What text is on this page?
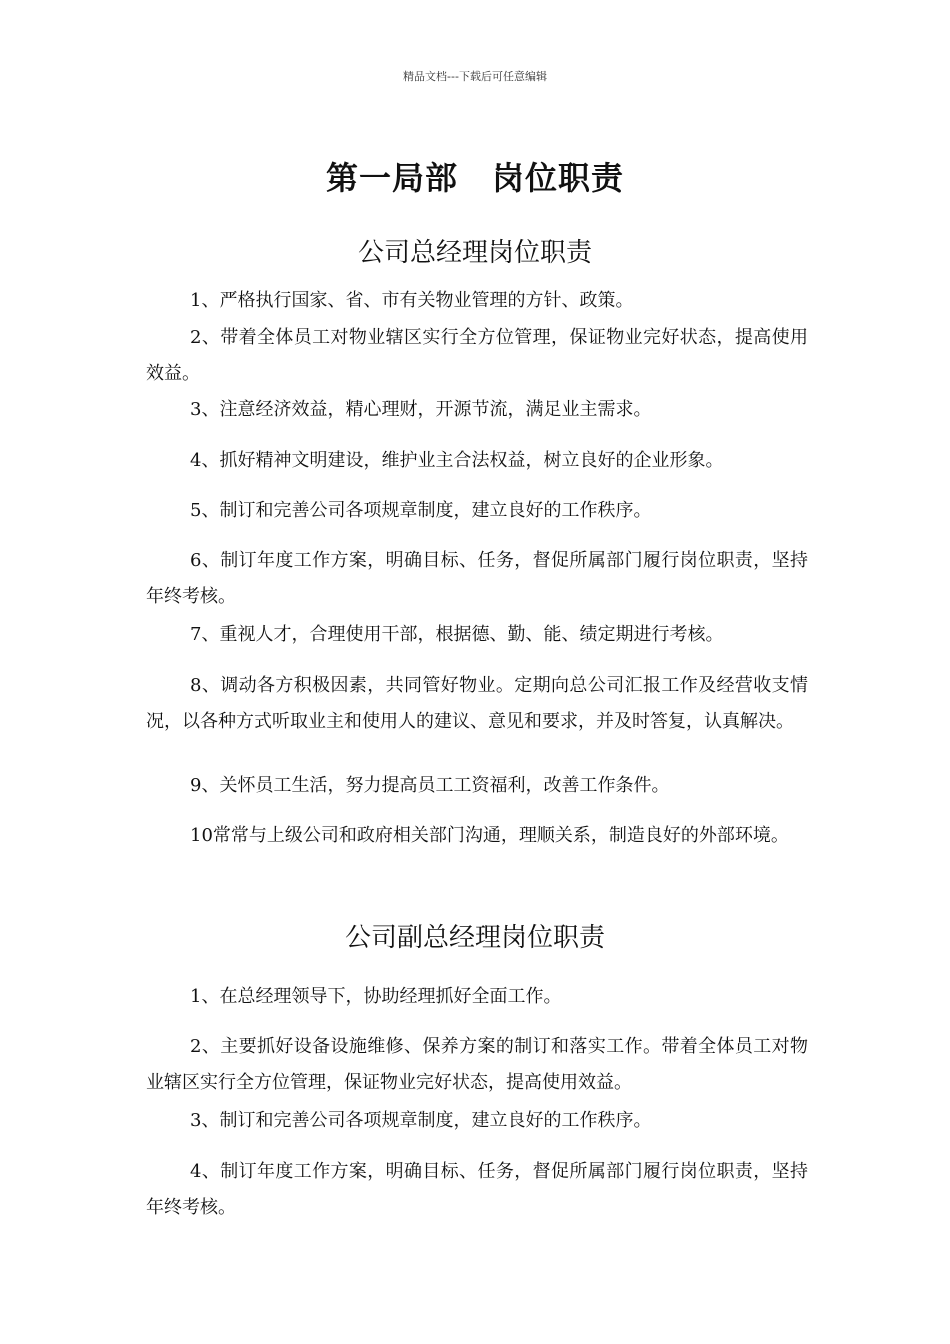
精品文档---下载后可任意编辑
第一局部 岗位职责
公司总经理岗位职责

1、严格执行国家、省、市有关物业管理的方针、政策。

2、带着全体员工对物业辖区实行全方位管理，保证物业完好状态，提高使用效益。

3、注意经济效益，精心理财，开源节流，满足业主需求。

4、抓好精神文明建设，维护业主合法权益，树立良好的企业形象。

5、制订和完善公司各项规章制度，建立良好的工作秩序。

6、制订年度工作方案，明确目标、任务，督促所属部门履行岗位职责，坚持年终考核。

7、重视人才，合理使用干部，根据德、勤、能、绩定期进行考核。

8、调动各方积极因素，共同管好物业。定期向总公司汇报工作及经营收支情况，以各种方式听取业主和使用人的建议、意见和要求，并及时答复，认真解决。

9、关怀员工生活，努力提高员工工资福利，改善工作条件。

10常常与上级公司和政府相关部门沟通，理顺关系，制造良好的外部环境。

公司副总经理岗位职责

1、在总经理领导下，协助经理抓好全面工作。

2、主要抓好设备设施维修、保养方案的制订和落实工作。带着全体员工对物业辖区实行全方位管理，保证物业完好状态，提高使用效益。

3、制订和完善公司各项规章制度，建立良好的工作秩序。

4、制订年度工作方案，明确目标、任务，督促所属部门履行岗位职责，坚持年终考核。
